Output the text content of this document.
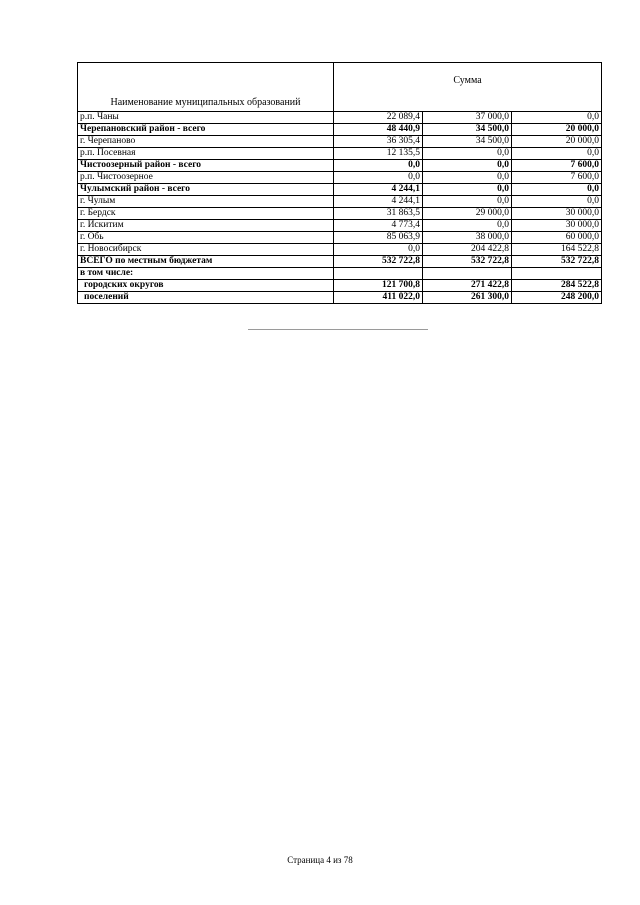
Наименование муниципальных образований	Сумма		
р.п. Чаны	22 089,4	37 000,0	0,0
Черепановский район - всего	48 440,9	34 500,0	20 000,0
г. Черепаново	36 305,4	34 500,0	20 000,0
р.п. Посевная	12 135,5	0,0	0,0
Чистоозерный район - всего	0,0	0,0	7 600,0
р.п. Чистоозерное	0,0	0,0	7 600,0
Чулымский район - всего	4 244,1	0,0	0,0
г. Чулым	4 244,1	0,0	0,0
г. Бердск	31 863,5	29 000,0	30 000,0
г. Искитим	4 773,4	0,0	30 000,0
г. Обь	85 063,9	38 000,0	60 000,0
г. Новосибирск	0,0	204 422,8	164 522,8
ВСЕГО по местным бюджетам	532 722,8	532 722,8	532 722,8
в том числе:			
городских округов	121 700,8	271 422,8	284 522,8
поселений	411 022,0	261 300,0	248 200,0
Страница 4 из 78
